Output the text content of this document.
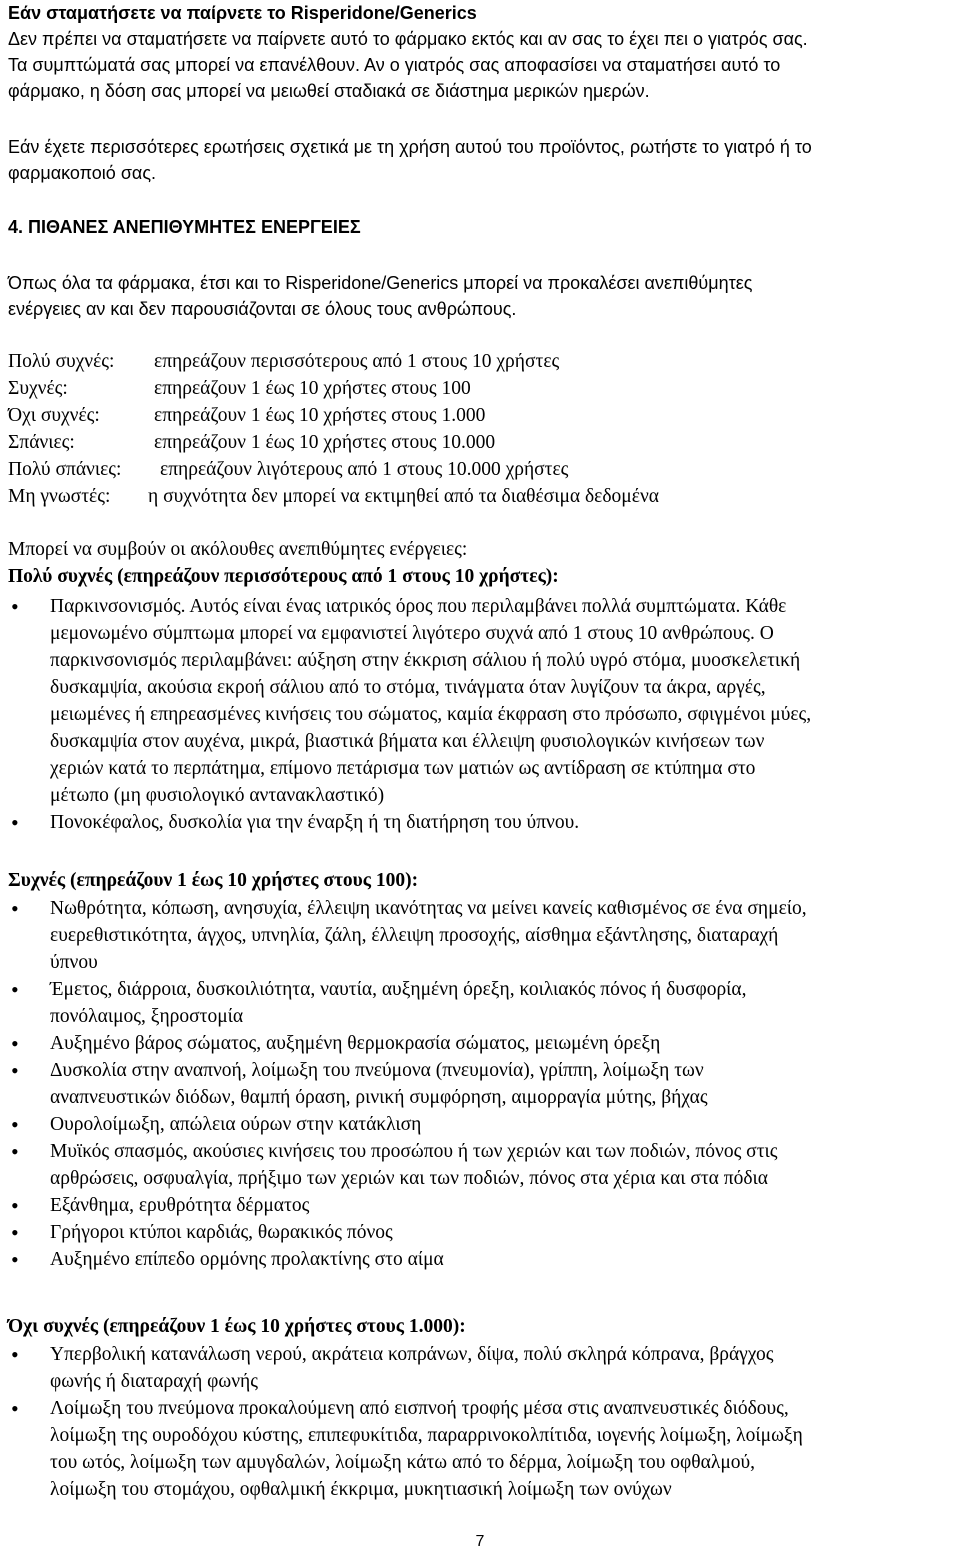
Εάν σταματήσετε να παίρνετε το Risperidone/Generics
Δεν πρέπει να σταματήσετε να παίρνετε αυτό το φάρμακο εκτός και αν σας το έχει πει ο γιατρός σας.
Τα συμπτώματά σας μπορεί να επανέλθουν. Αν ο γιατρός σας αποφασίσει να σταματήσει αυτό το
φάρμακο, η δόση σας μπορεί να μειωθεί σταδιακά σε διάστημα μερικών ημερών.
Εάν έχετε περισσότερες ερωτήσεις σχετικά με τη χρήση αυτού του προϊόντος, ρωτήστε το γιατρό ή το
φαρμακοποιό σας.
4. ΠΙΘΑΝΕΣ ΑΝΕΠΙΘΥΜΗΤΕΣ ΕΝΕΡΓΕΙΕΣ
Όπως όλα τα φάρμακα, έτσι και το Risperidone/Generics μπορεί να προκαλέσει ανεπιθύμητες
ενέργειες αν και δεν παρουσιάζονται σε όλους τους ανθρώπους.
Πολύ συχνές:	επηρεάζουν περισσότερους από 1 στους 10 χρήστες
Συχνές:	επηρεάζουν 1 έως 10 χρήστες στους 100
Όχι συχνές:	επηρεάζουν 1 έως 10 χρήστες στους 1.000
Σπάνιες:	επηρεάζουν 1 έως 10 χρήστες στους 10.000
Πολύ σπάνιες:	επηρεάζουν λιγότερους από 1 στους 10.000 χρήστες
Μη γνωστές:	η συχνότητα δεν μπορεί να εκτιμηθεί από τα διαθέσιμα δεδομένα
Μπορεί να συμβούν οι ακόλουθες ανεπιθύμητες ενέργειες:
Πολύ συχνές (επηρεάζουν περισσότερους από 1 στους 10 χρήστες):
• Παρκινσονισμός. Αυτός είναι ένας ιατρικός όρος που περιλαμβάνει πολλά συμπτώματα. Κάθε
μεμονωμένο σύμπτωμα μπορεί να εμφανιστεί λιγότερο συχνά από 1 στους 10 ανθρώπους. Ο
παρκινσονισμός περιλαμβάνει: αύξηση στην έκκριση σάλιου ή πολύ υγρό στόμα, μυοσκελετική
δυσκαμψία, ακούσια εκροή σάλιου από το στόμα, τινάγματα όταν λυγίζουν τα άκρα, αργές,
μειωμένες ή επηρεασμένες κινήσεις του σώματος, καμία έκφραση στο πρόσωπο, σφιγμένοι μύες,
δυσκαμψία στον αυχένα, μικρά, βιαστικά βήματα και έλλειψη φυσιολογικών κινήσεων των
χεριών κατά το περπάτημα, επίμονο πετάρισμα των ματιών ως αντίδραση σε κτύπημα στο
μέτωπο (μη φυσιολογικό αντανακλαστικό)
• Πονοκέφαλος, δυσκολία για την έναρξη ή τη διατήρηση του ύπνου.
Συχνές (επηρεάζουν 1 έως 10 χρήστες στους 100):
• Νωθρότητα, κόπωση, ανησυχία, έλλειψη ικανότητας να μείνει κανείς καθισμένος σε ένα σημείο,
ευερεθιστικότητα, άγχος, υπνηλία, ζάλη, έλλειψη προσοχής, αίσθημα εξάντλησης, διαταραχή
ύπνου
• Έμετος, διάρροια, δυσκοιλιότητα, ναυτία, αυξημένη όρεξη, κοιλιακός πόνος ή δυσφορία,
πονόλαιμος, ξηροστομία
• Αυξημένο βάρος σώματος, αυξημένη θερμοκρασία σώματος, μειωμένη όρεξη
• Δυσκολία στην αναπνοή, λοίμωξη του πνεύμονα (πνευμονία), γρίππη, λοίμωξη των
αναπνευστικών διόδων, θαμπή όραση, ρινική συμφόρηση, αιμορραγία μύτης, βήχας
• Ουρολοίμωξη, απώλεια ούρων στην κατάκλιση
• Μυϊκός σπασμός, ακούσιες κινήσεις του προσώπου ή των χεριών και των ποδιών, πόνος στις
αρθρώσεις, οσφυαλγία, πρήξιμο των χεριών και των ποδιών, πόνος στα χέρια και στα πόδια
• Εξάνθημα, ερυθρότητα δέρματος
• Γρήγοροι κτύποι καρδιάς, θωρακικός πόνος
• Αυξημένο επίπεδο ορμόνης προλακτίνης στο αίμα
Όχι συχνές (επηρεάζουν 1 έως 10 χρήστες στους 1.000):
• Υπερβολική κατανάλωση νερού, ακράτεια κοπράνων, δίψα, πολύ σκληρά κόπρανα, βράγχος
φωνής ή διαταραχή φωνής
• Λοίμωξη του πνεύμονα προκαλούμενη από εισπνοή τροφής μέσα στις αναπνευστικές διόδους,
λοίμωξη της ουροδόχου κύστης, επιπεφυκίτιδα, παραρρινοκολπίτιδα, ιογενής λοίμωξη, λοίμωξη
του ωτός, λοίμωξη των αμυγδαλών, λοίμωξη κάτω από το δέρμα, λοίμωξη του οφθαλμού,
λοίμωξη του στομάχου, οφθαλμική έκκριμα, μυκητιασική λοίμωξη των ονύχων
7
